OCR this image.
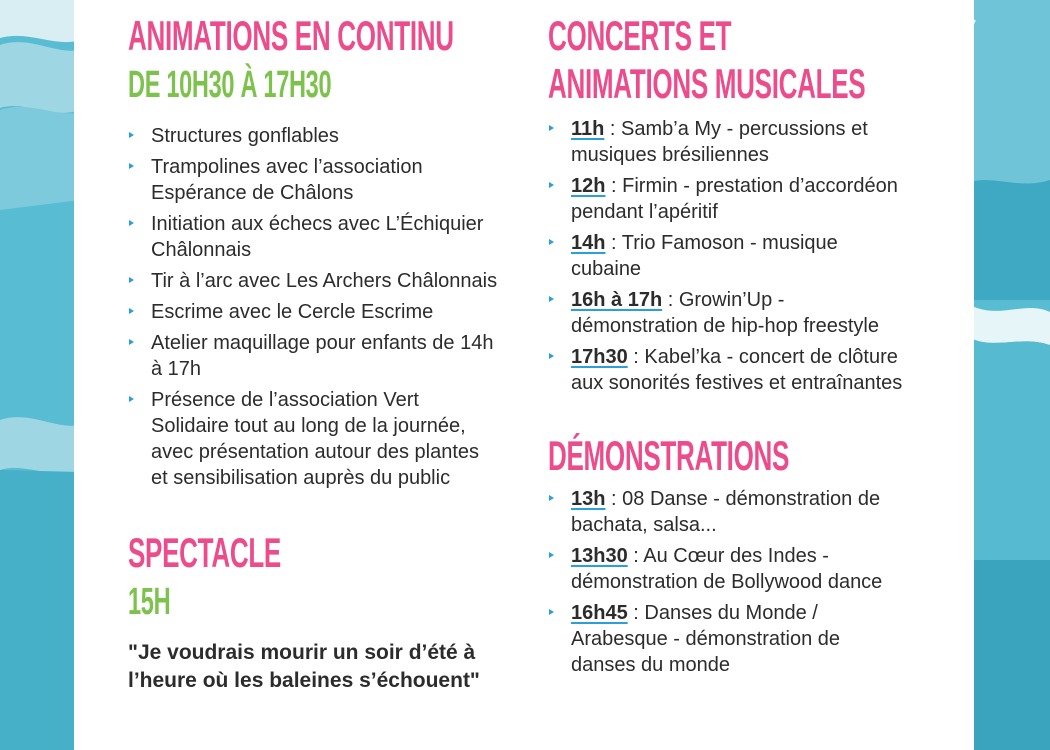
ANIMATIONS EN CONTINU
DE 10H30 À 17H30
Structures gonflables
Trampolines avec l’association Espérance de Châlons
Initiation aux échecs avec L’Échiquier Châlonnais
Tir à l’arc avec Les Archers Châlonnais
Escrime avec le Cercle Escrime
Atelier maquillage pour enfants de 14h à 17h
Présence de l’association Vert Solidaire tout au long de la journée, avec présentation autour des plantes et sensibilisation auprès du public
SPECTACLE
15H

"Je voudrais mourir un soir d’été à l’heure où les baleines s’échouent"

CONCERTS ET
ANIMATIONS MUSICALES
11h : Samb’a My - percussions et musiques brésiliennes
12h : Firmin - prestation d’accordéon pendant l’apéritif
14h : Trio Famoson - musique cubaine
16h à 17h : Growin’Up - démonstration de hip-hop freestyle
17h30 : Kabel’ka - concert de clôture aux sonorités festives et entraînantes
DÉMONSTRATIONS
13h : 08 Danse - démonstration de bachata, salsa...
13h30 : Au Cœur des Indes - démonstration de Bollywood dance
16h45 : Danses du Monde / Arabesque - démonstration de danses du monde
